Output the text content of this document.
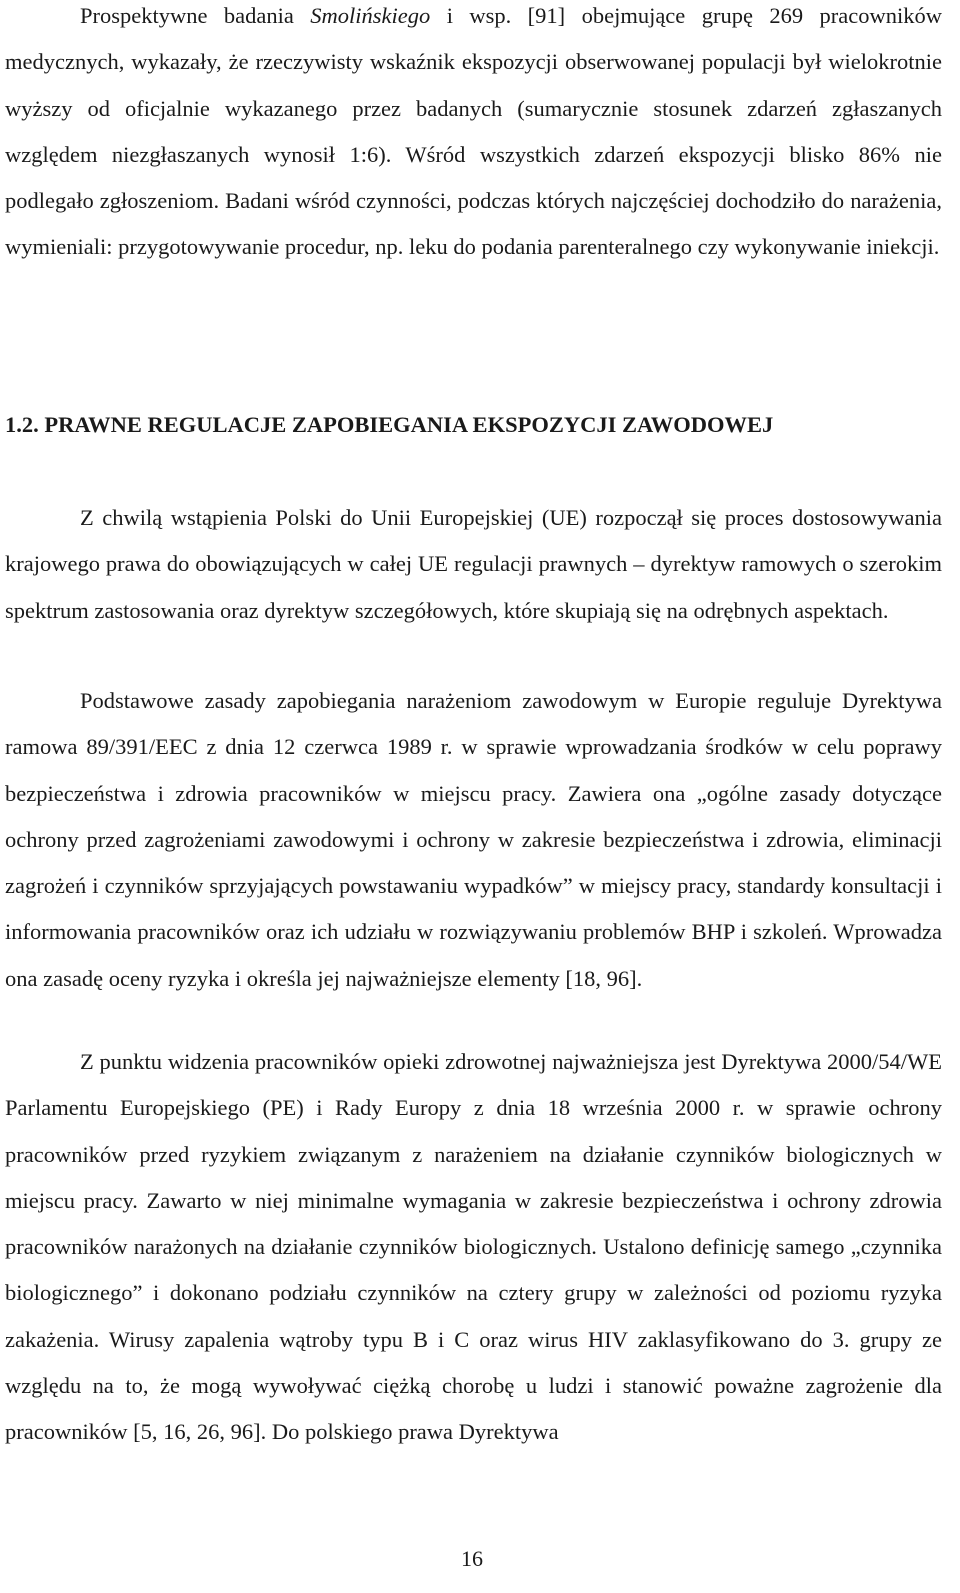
Prospektywne badania Smolińskiego i wsp. [91] obejmujące grupę 269 pracowników medycznych, wykazały, że rzeczywisty wskaźnik ekspozycji obserwowanej populacji był wielokrotnie wyższy od oficjalnie wykazanego przez badanych (sumarycznie stosunek zdarzeń zgłaszanych względem niezgłaszanych wynosił 1:6). Wśród wszystkich zdarzeń ekspozycji blisko 86% nie podlegało zgłoszeniom. Badani wśród czynności, podczas których najczęściej dochodziło do narażenia, wymieniali: przygotowywanie procedur, np. leku do podania parenteralnego czy wykonywanie iniekcji.

1.2. PRAWNE REGULACJE ZAPOBIEGANIA EKSPOZYCJI ZAWODOWEJ

Z chwilą wstąpienia Polski do Unii Europejskiej (UE) rozpoczął się proces dostosowywania krajowego prawa do obowiązujących w całej UE regulacji prawnych – dyrektyw ramowych o szerokim spektrum zastosowania oraz dyrektyw szczegółowych, które skupiają się na odrębnych aspektach.

Podstawowe zasady zapobiegania narażeniom zawodowym w Europie reguluje Dyrektywa ramowa 89/391/EEC z dnia 12 czerwca 1989 r. w sprawie wprowadzania środków w celu poprawy bezpieczeństwa i zdrowia pracowników w miejscu pracy. Zawiera ona „ogólne zasady dotyczące ochrony przed zagrożeniami zawodowymi i ochrony w zakresie bezpieczeństwa i zdrowia, eliminacji zagrożeń i czynników sprzyjających powstawaniu wypadków” w miejscy pracy, standardy konsultacji i informowania pracowników oraz ich udziału w rozwiązywaniu problemów BHP i szkoleń. Wprowadza ona zasadę oceny ryzyka i określa jej najważniejsze elementy [18, 96].

Z punktu widzenia pracowników opieki zdrowotnej najważniejsza jest Dyrektywa 2000/54/WE Parlamentu Europejskiego (PE) i Rady Europy z dnia 18 września 2000 r. w sprawie ochrony pracowników przed ryzykiem związanym z narażeniem na działanie czynników biologicznych w miejscu pracy. Zawarto w niej minimalne wymagania w zakresie bezpieczeństwa i ochrony zdrowia pracowników narażonych na działanie czynników biologicznych. Ustalono definicję samego „czynnika biologicznego” i dokonano podziału czynników na cztery grupy w zależności od poziomu ryzyka zakażenia. Wirusy zapalenia wątroby typu B i C oraz wirus HIV zaklasyfikowano do 3. grupy ze względu na to, że mogą wywoływać ciężką chorobę u ludzi i stanowić poważne zagrożenie dla pracowników [5, 16, 26, 96]. Do polskiego prawa Dyrektywa

16
